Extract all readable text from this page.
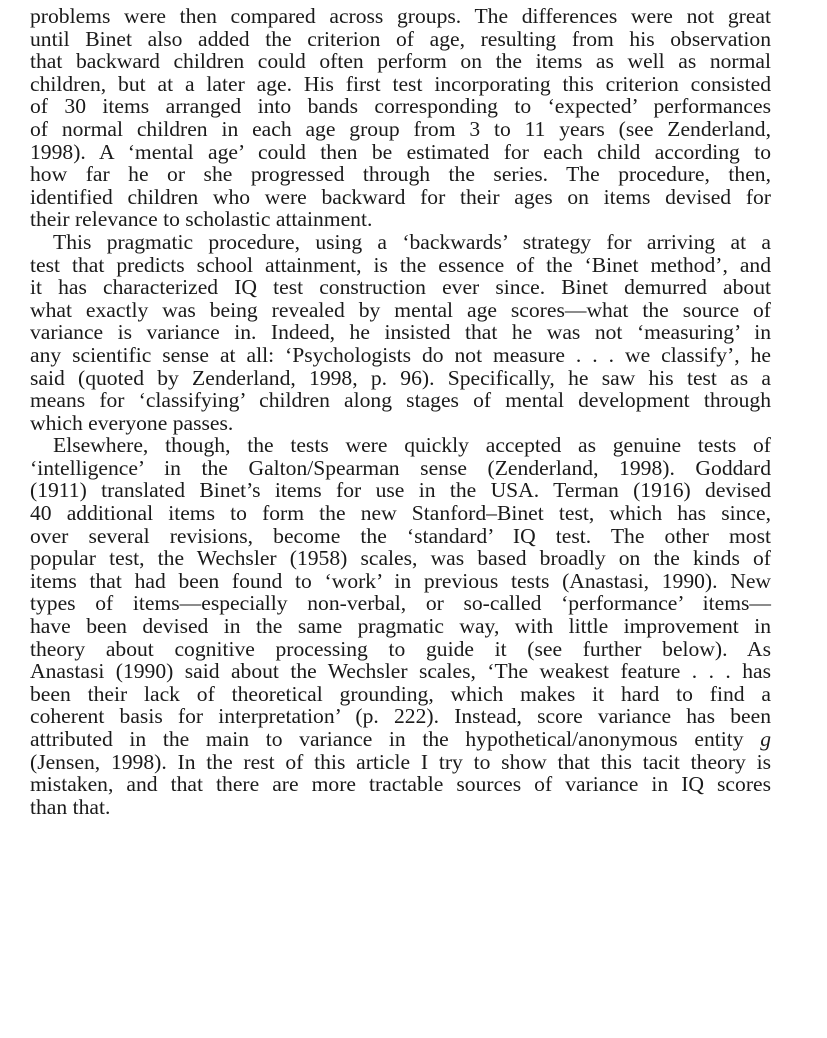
problems were then compared across groups. The differences were not great
until Binet also added the criterion of age, resulting from his observation
that backward children could often perform on the items as well as normal
children, but at a later age. His first test incorporating this criterion consisted
of 30 items arranged into bands corresponding to ‘expected’ performances
of normal children in each age group from 3 to 11 years (see Zenderland,
1998). A ‘mental age’ could then be estimated for each child according to
how far he or she progressed through the series. The procedure, then,
identified children who were backward for their ages on items devised for
their relevance to scholastic attainment.
This pragmatic procedure, using a ‘backwards’ strategy for arriving at a
test that predicts school attainment, is the essence of the ‘Binet method’, and
it has characterized IQ test construction ever since. Binet demurred about
what exactly was being revealed by mental age scores—what the source of
variance is variance in. Indeed, he insisted that he was not ‘measuring’ in
any scientific sense at all: ‘Psychologists do not measure . . . we classify’, he
said (quoted by Zenderland, 1998, p. 96). Specifically, he saw his test as a
means for ‘classifying’ children along stages of mental development through
which everyone passes.
Elsewhere, though, the tests were quickly accepted as genuine tests of
‘intelligence’ in the Galton/Spearman sense (Zenderland, 1998). Goddard
(1911) translated Binet’s items for use in the USA. Terman (1916) devised
40 additional items to form the new Stanford–Binet test, which has since,
over several revisions, become the ‘standard’ IQ test. The other most
popular test, the Wechsler (1958) scales, was based broadly on the kinds of
items that had been found to ‘work’ in previous tests (Anastasi, 1990). New
types of items—especially non-verbal, or so-called ‘performance’ items—
have been devised in the same pragmatic way, with little improvement in
theory about cognitive processing to guide it (see further below). As
Anastasi (1990) said about the Wechsler scales, ‘The weakest feature . . . has
been their lack of theoretical grounding, which makes it hard to find a
coherent basis for interpretation’ (p. 222). Instead, score variance has been
attributed in the main to variance in the hypothetical/anonymous entity g
(Jensen, 1998). In the rest of this article I try to show that this tacit theory is
mistaken, and that there are more tractable sources of variance in IQ scores
than that.
